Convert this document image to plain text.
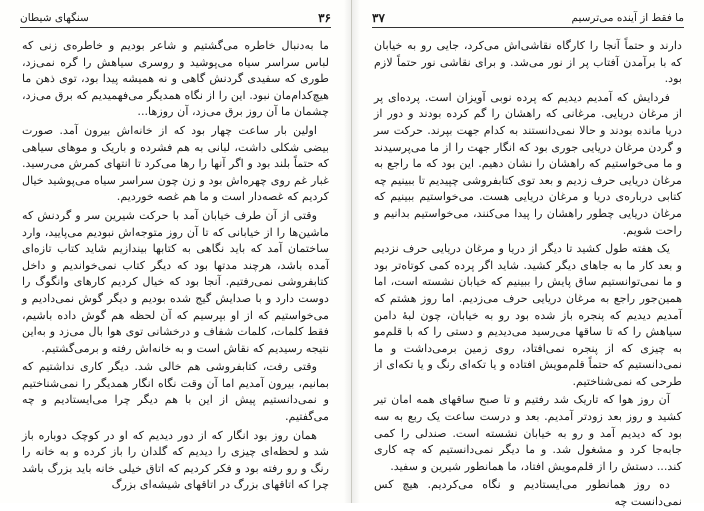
۳۶
سنگهای شیطان

ما به‌دنبال خاطره می‌گشتیم و شاعر بودیم و خاطره‌ی زنی که لباس سراسر سیاه می‌پوشید و روسری سیاهش را گره نمی‌زد، طوری که سفیدی گردنش گاهی و نه همیشه پیدا بود، توی ذهن ما هیچ‌کدام‌مان نبود. این را از نگاه همدیگر می‌فهمیدیم که برق می‌زد، چشمان ما آن روز برق می‌زد، آن روزها...

اولین بار ساعت چهار بود که از خانه‌اش بیرون آمد. صورت بیضی شکلی داشت، لبانی به هم فشرده و باریک و موهای سیاهی که حتماً بلند بود و اگر آنها را رها می‌کرد تا انتهای کمرش می‌رسید. غبار غم روی چهره‌اش بود و زن چون سراسر سیاه می‌پوشید خیال کردیم که غصه‌دار است و ما هم غصه خوردیم.

وقتی از آن طرف خیابان آمد با حرکت شیرین سر و گردنش که ماشین‌ها را از خیابانی که تا آن روز متوجه‌اش نبودیم می‌پایید، وارد ساختمان آمد که باید نگاهی به کتابها بیندازیم شاید کتاب تازه‌ای آمده باشد، هرچند مدتها بود که دیگر کتاب نمی‌خواندیم و داخل کتابفروشی نمی‌رفتیم. آنجا بود که خیال کردیم کارهای وانگوگ را دوست دارد و با صدایش گیج شده بودیم و دیگر گوش نمی‌دادیم و می‌خواستیم که از او بپرسیم که آن لحظه هم گوش داده باشیم، فقط کلمات، کلمات شفاف و درخشانی توی هوا بال می‌زد و به‌این نتیجه رسیدیم که نقاش است و به خانه‌اش رفته و برمی‌گشتیم.

وقتی رفت، کتابفروشی هم خالی شد. دیگر کاری نداشتیم که بمانیم، بیرون آمدیم اما آن وقت نگاه انگار همدیگر را نمی‌شناختیم و نمی‌دانستیم پیش از این با هم دیگر چرا می‌ایستادیم و چه می‌گفتیم.

همان روز بود انگار که از دور دیدیم که او در کوچک دوباره باز شد و لحظه‌ای چیزی را دیدیم که گلدان را باز کرده و به خانه را رنگ و رو رفته بود و فکر کردیم که اتاق خیلی خانه باید بزرگ باشد چرا که اتاقهای بزرگ در اتاقهای شیشه‌ای بزرگ

ما فقط از آینده می‌ترسیم
۳۷

دارند و حتماً آنجا را کارگاه نقاشی‌اش می‌کرد، جایی رو به خیابان که با برآمدن آفتاب پر از نور می‌شد. و برای نقاشی نور حتماً لازم بود.

فردایش که آمدیم دیدیم که پرده نوبی آویزان است. پرده‌ای پر از مرغان دریایی. مرغانی که راهشان را گم کرده بودند و دور از دریا مانده بودند و حالا نمی‌دانستند به کدام جهت بپرند. حرکت سر و گردن مرغان دریایی جوری بود که انگار جهت را از ما می‌پرسیدند و ما می‌خواستیم که راهشان را نشان دهیم. این بود که ما راجع به مرغان دریایی حرف زدیم و بعد توی کتابفروشی چپیدیم تا ببینیم چه کتابی درباره‌ی دریا و مرغان دریایی هست. می‌خواستیم ببینیم که مرغان دریایی چطور راهشان را پیدا می‌کنند، می‌خواستیم بدانیم و راحت شویم.

یک هفته طول کشید تا دیگر از دریا و مرغان دریایی حرف نزدیم و بعد کار ما به جاهای دیگر کشید. شاید اگر پرده کمی کوتاه‌تر بود و ما نمی‌توانستیم ساق پایش را ببینیم که خیابان نشسته است، اما همین‌جور راجع به مرغان دریایی حرف می‌زدیم. اما روز هشتم که آمدیم دیدیم که پنجره باز شده بود رو به خیابان، چون لبهٔ دامن سیاهش را که تا ساقها می‌رسید می‌دیدیم و دستی را که با قلم‌مو به چیزی که از پنجره نمی‌افتاد، روی زمین برمی‌داشت و ما نمی‌دانستیم که حتماً قلم‌مویش افتاده و یا تکه‌ای رنگ و یا تکه‌ای از طرحی که نمی‌شناختیم.

آن روز هوا که تاریک شد رفتیم و تا صبح ساقهای همه امان تیر کشید و روز بعد زودتر آمدیم. بعد و درست ساعت یک ربع به سه بود که دیدیم آمد و رو به خیابان نشسته است. صندلی را کمی جابه‌جا کرد و مشغول شد. و ما دیگر نمی‌دانستیم که چه کاری کند... دستش را از قلم‌مویش افتاد، ما همانطور شیرین و سفید.

ده روز همانطور می‌ایستادیم و نگاه می‌کردیم. هیچ کس نمی‌دانست چه
